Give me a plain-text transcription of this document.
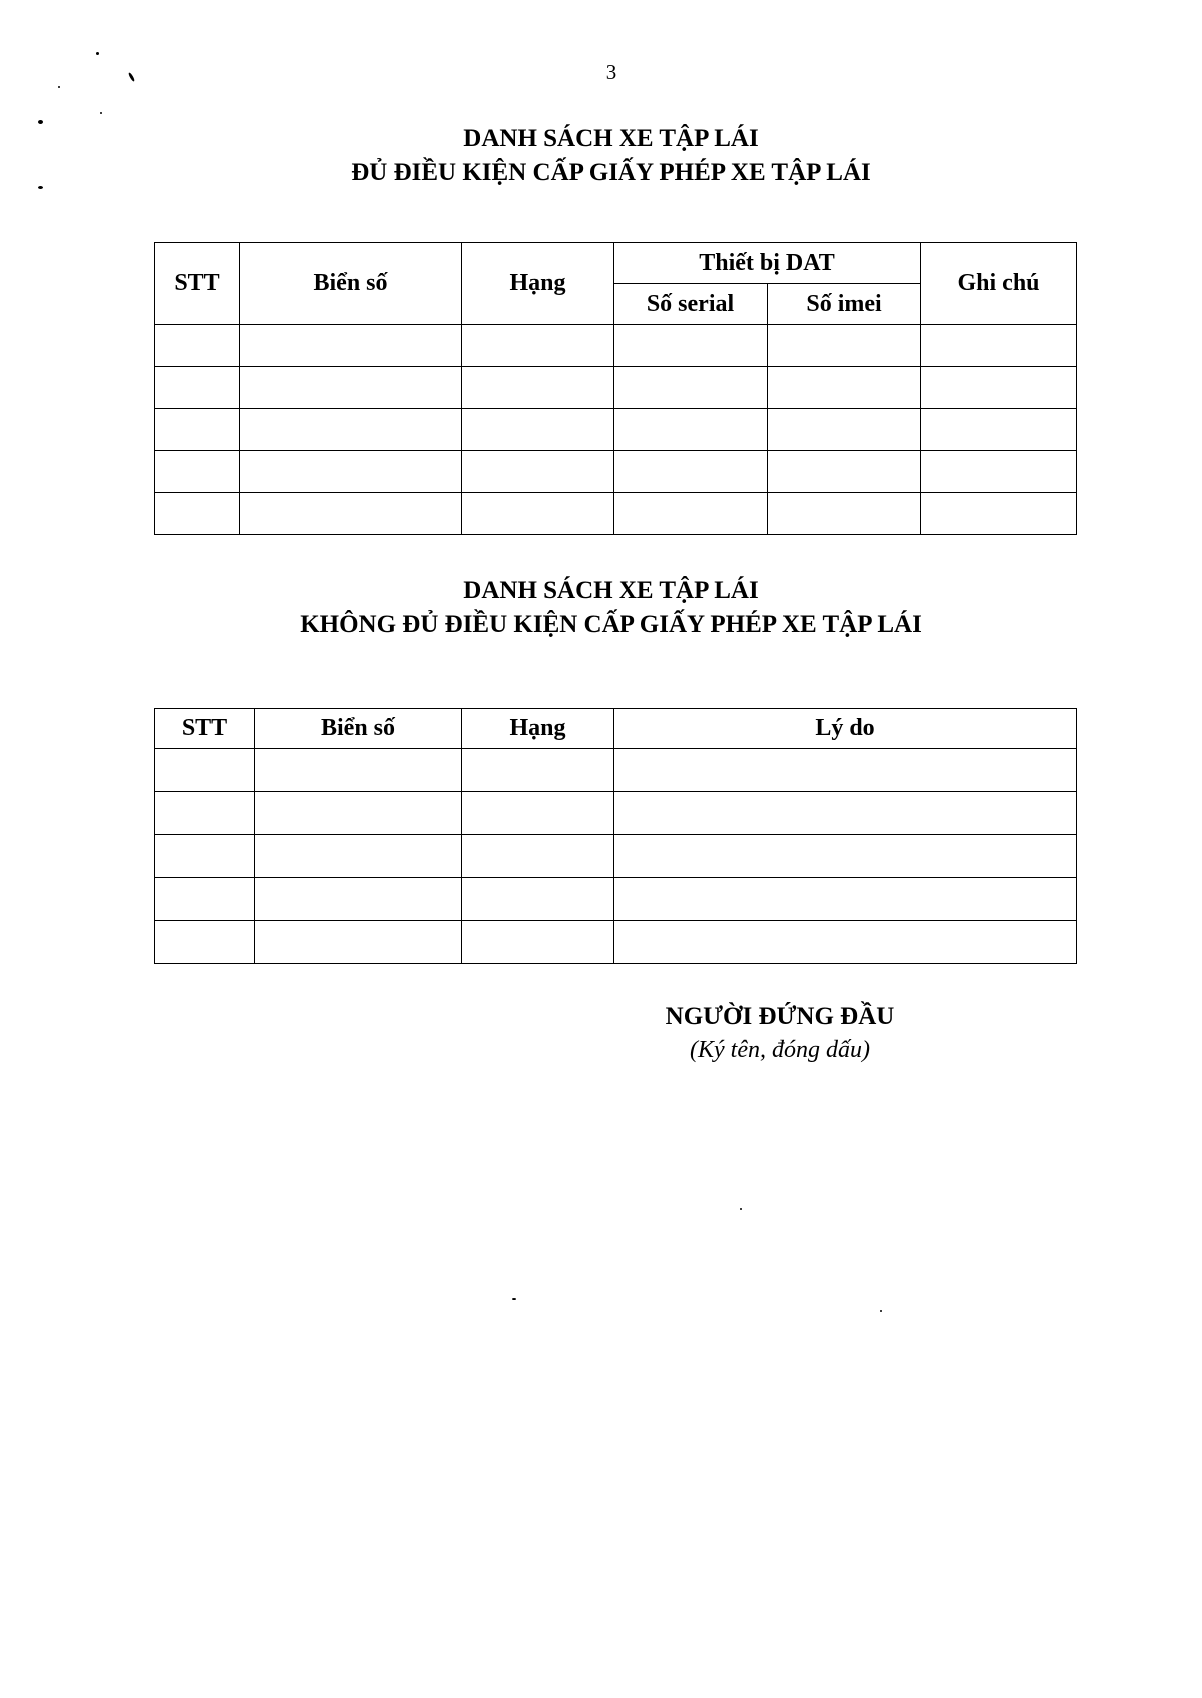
3
DANH SÁCH XE TẬP LÁI
ĐỦ ĐIỀU KIỆN CẤP GIẤY PHÉP XE TẬP LÁI
STT	Biển số	Hạng	Thiết bị DAT		Ghi chú
			Số serial	Số imei	

DANH SÁCH XE TẬP LÁI
KHÔNG ĐỦ ĐIỀU KIỆN CẤP GIẤY PHÉP XE TẬP LÁI
STT	Biển số	Hạng	Lý do

NGƯỜI ĐỨNG ĐẦU
(Ký tên, đóng dấu)
